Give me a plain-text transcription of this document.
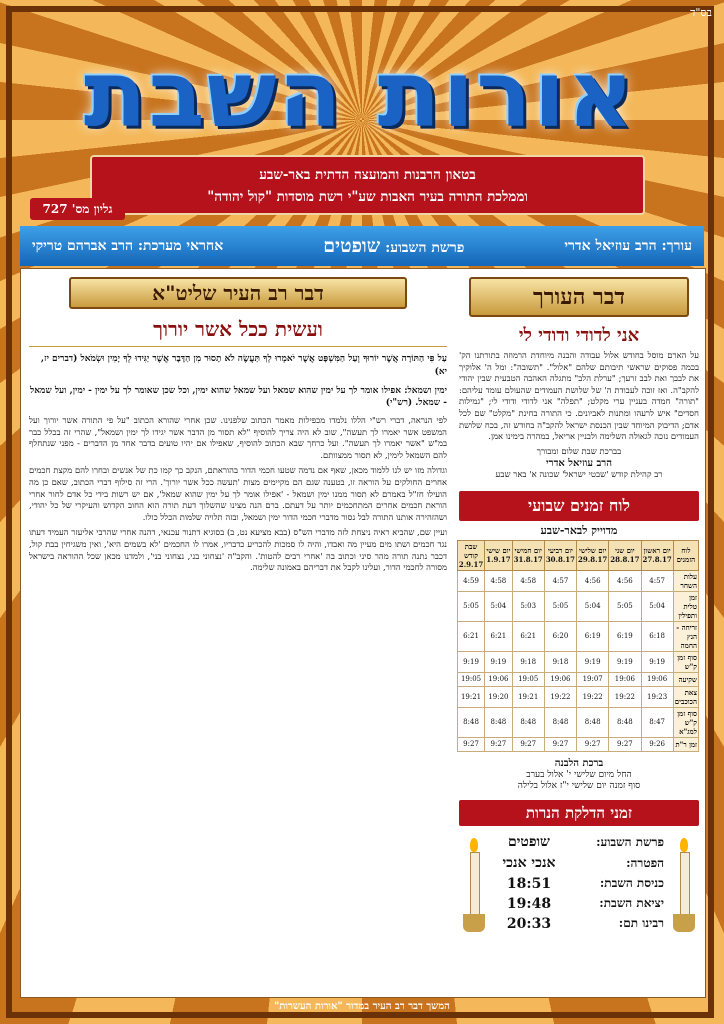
בס"ד
אורות השבת
בטאון הרבנות והמועצה הדתית באר-שבע
וממלכת התורה בעיר האבות שע"י רשת מוסדות "קול יהודה"
גליון מס' 727
עורך: הרב עוזיאל אדרי
פרשת השבוע: שופטים
אחראי מערכת: הרב אברהם טריקי
דבר העורך
אני לדודי ודודי לי
על הארם מוסל בחודש אלול עבודה והבנה מיוחדת הרמוזה בתורתנו הק' בכמה פסוקים שראשי תיבותם שלהם "אלול". "תשובה": ומל ה' אלוקיך את לבבך ואת לבב זרעך; "ערלת הלב" מתגלה האהבה הטבעית שבין יהודי להקב"ה. ואז זוכה לעבודת ה' של שלושת העמודים שהעולם עומד עליהם: "תורה" חמדה בעניין ערי מקלט; "תפלה" אני לדודי ודודי לי; "גמילות חסדים" איש לרעהו ומתנות לאביונים. כי התורה בחינת "מקלט" שם לכל אדם; הדיבוק המיוחד שבין הכנסת ישראל להקב"ה בחודש זה, בכח שלושת העמודים נזכה לגאולה השלימה ולבניין אריאל, במהרה בימינו אמן.
בברכת שבת שלום ומבורך
הרב עוזיאל אדרי
רב קהילת קודש 'שבטי ישראל' שכונה א' באר שבע
לוח זמנים שבועי
מדוייק לבאר-שבע
לוח הזמנים	יום ראשון 27.8.17	יום שני 28.8.17	יום שלישי 29.8.17	יום רביעי 30.8.17	יום חמישי 31.8.17	יום שישי 1.9.17	שבת קודש 2.9.17
עלות השחר	4:57	4:56	4:56	4:57	4:58	4:58	4:59
זמן טלית ותפילין	5:04	5:05	5:04	5:05	5:03	5:04	5:05
זריחה - הנץ החמה	6:18	6:19	6:19	6:20	6:21	6:21	6:21
סוף זמן ק"ש	9:19	9:19	9:19	9:18	9:18	9:19	9:19
שקיעה	19:06	19:06	19:07	19:06	19:05	19:06	19:05
צאת הכוכבים	19:23	19:22	19:22	19:22	19:21	19:20	19:21
סוף זמן ק"ש למג"א	8:47	8:48	8:48	8:48	8:48	8:48	8:48
זמן ר"ת	9:26	9:27	9:27	9:27	9:27	9:27	9:27
ברכת הלבנה
החל מיום שלישי י' אלול בערב
סוף זמנה יום שלישי י"ז אלול בלילה
זמני הדלקת הנרות
פרשת השבוע:	שופטים
הפטרה:	אנכי אנכי
כניסת השבת:	18:51
יציאת השבת:	19:48
רבינו תם:	20:33
דבר רב העיר שליט"א
ועשית ככל אשר יורוך
עַל פִּי הַתּוֹרָה אֲשֶׁר יוֹרוּךָ וְעַל הַמִּשְׁפָּט אֲשֶׁר יֹאמְרוּ לְךָ תַּעֲשֶׂה לֹא תָסוּר מִן הַדָּבָר אֲשֶׁר יַגִּידוּ לְךָ יָמִין וּשְׂמֹאל (דברים יז, יא)
ימין ושמאל: אפילו אומר לך על ימין שהוא שמאל ועל שמאל שהוא ימין, וכל שכן שאומר לך על ימין - ימין, ועל שמאל - שמאל. (רש"י)

לפי הנראה, דברי רש"י הללו נלמדו מכפילות מאמר הכתוב שלפנינו. שכן אחרי שהורא הכתוב "על פי התורה אשר יורוך ועל המשפט אשר יאמרו לך תעשה", שוב לא היה צריך להוסיף "לא תסור מן הדבר אשר יגידו לך ימין ושמאל", שהרי זה בכלל כבר במ"ש "אשר יאמרו לך תעשה". ועל כרחך שבא הכתוב להוסיף, שאפילו אם יהיו טועים בדבר אחד מן הדברים - מפני שנתחלף להם השמאל לימין, לא תסור ממצוותם.

וגדולה מזו יש לנו ללמוד מכאן, שאף אם נדמה שטעו חכמי הדור בהוראתם, הנקב כך קמו כת של אנשים ובחרו להם מקצת חכמים אחרים החולקים על הוראה זו, בטענה שגם הם מקיימים מצות 'תעשה ככל אשר יורוך'. הרי זה סילוף דברי הכתוב, שאם כן מה הועילו חז"ל באמרם לא תסור ממנו ימין ושמאל - 'אפילו אומר לך על ימין שהוא שמאל', אם יש רשות בידי כל אדם לחור אחרי הוראת חכמים אחרים המתחכמים יותר על דעתם. ברם הנה מצינו שהשלוך דעת תורה הוא החוב הקדוש והעיקרי של כל יהודי, ושהזהירה אותנו התורה לבל נסור מדברי חכמי הדור ימין ושמאל, ובזה תלויה שלמות הכלל כולו.

ועיין שם, שהביא ראיה ניצחת לזה מדברי הש"ס (בבא מציעא נט, ב) בסוגיא דתנור עכנאי, דהנה אחרי שהרבי אליעזר העמיד דעתו נגד חכמים ושתו מים מעיין מה ואבדו, והיה לו סמכות להכריע כדבריו, אמרו לו החכמים 'לא בשמים היא', ואין משגיחין בבת קול, דכבר נתנה תורה מהר סיני וכתוב בה 'אחרי רבים להטות'. והקב"ה 'נצחוני בני, נצחוני בני', ולמדנו מכאן שכל ההוראה בישראל מסורה לחכמי הדור, ועלינו לקבל את דבריהם באמונה שלימה.

המשך דבר רב העיר במדור "אורות העשרות"
